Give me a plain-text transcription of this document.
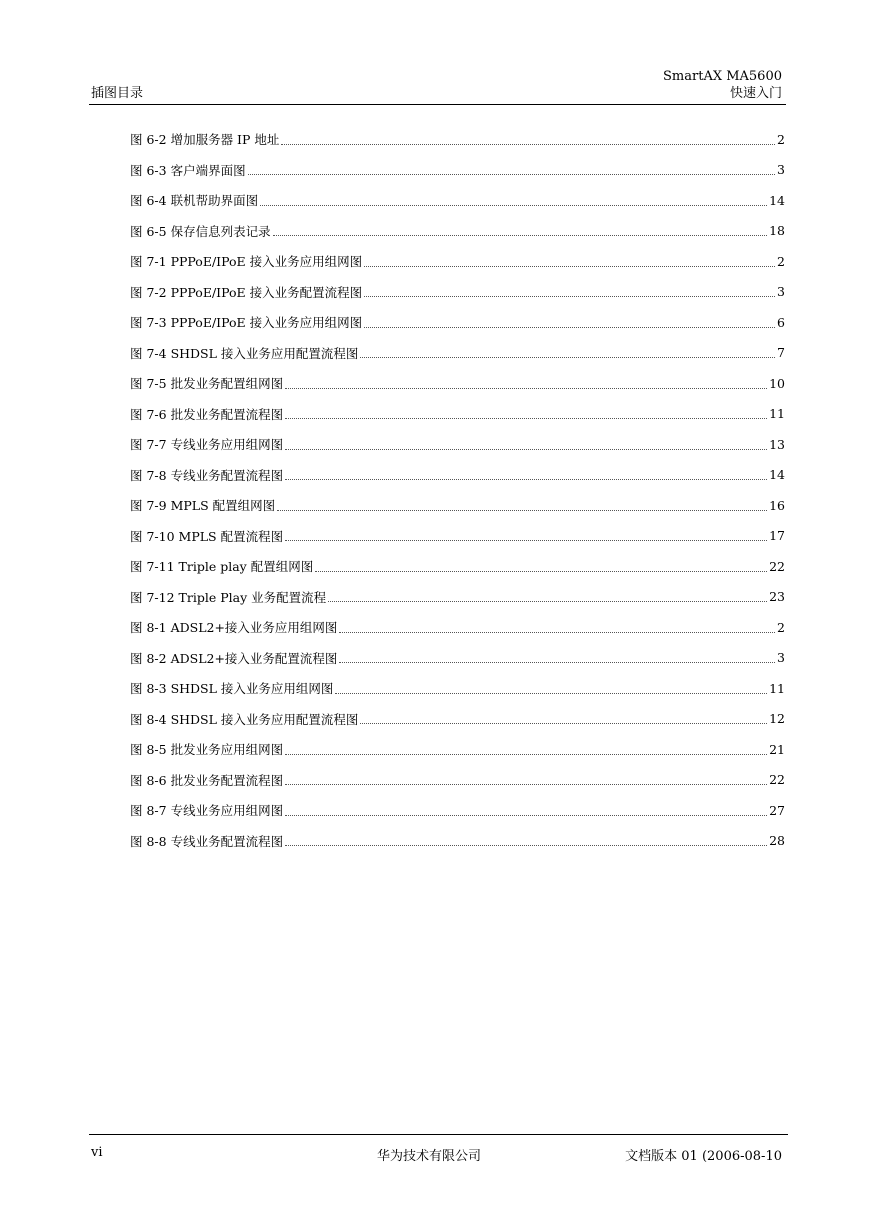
插图目录
SmartAX MA5600
快速入门
图 6-2 增加服务器 IP 地址	2
图 6-3 客户端界面图	3
图 6-4 联机帮助界面图	14
图 6-5 保存信息列表记录	18
图 7-1 PPPoE/IPoE 接入业务应用组网图	2
图 7-2 PPPoE/IPoE 接入业务配置流程图	3
图 7-3 PPPoE/IPoE 接入业务应用组网图	6
图 7-4 SHDSL 接入业务应用配置流程图	7
图 7-5 批发业务配置组网图	10
图 7-6 批发业务配置流程图	11
图 7-7 专线业务应用组网图	13
图 7-8 专线业务配置流程图	14
图 7-9 MPLS 配置组网图	16
图 7-10 MPLS 配置流程图	17
图 7-11 Triple play 配置组网图	22
图 7-12 Triple Play 业务配置流程	23
图 8-1 ADSL2+接入业务应用组网图	2
图 8-2 ADSL2+接入业务配置流程图	3
图 8-3 SHDSL 接入业务应用组网图	11
图 8-4 SHDSL 接入业务应用配置流程图	12
图 8-5 批发业务应用组网图	21
图 8-6 批发业务配置流程图	22
图 8-7 专线业务应用组网图	27
图 8-8 专线业务配置流程图	28
vi	华为技术有限公司	文档版本 01 (2006-08-10
